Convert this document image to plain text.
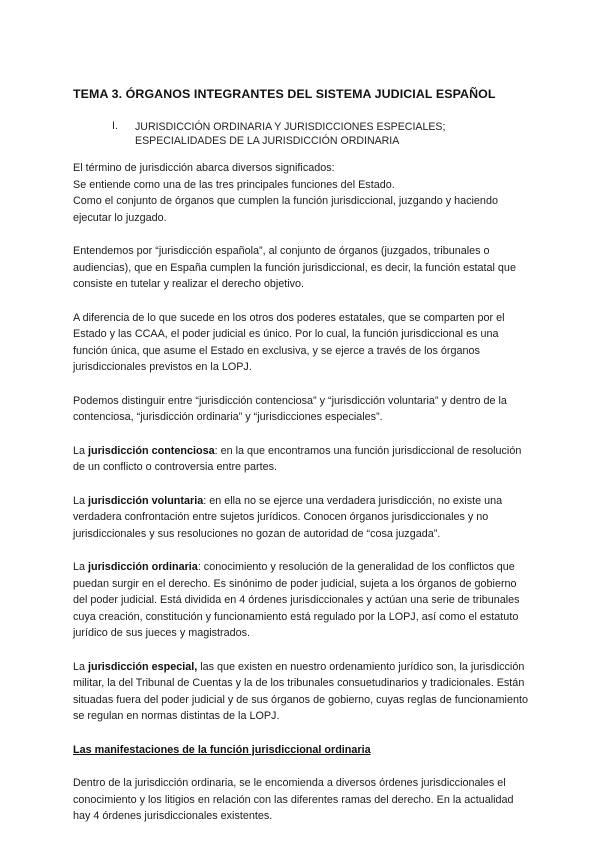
TEMA 3. ÓRGANOS INTEGRANTES DEL SISTEMA JUDICIAL ESPAÑOL
I. JURISDICCIÓN ORDINARIA Y JURISDICCIONES ESPECIALES; ESPECIALIDADES DE LA JURISDICCIÓN ORDINARIA

El término de jurisdicción abarca diversos significados:

Se entiende como una de las tres principales funciones del Estado.

Como el conjunto de órganos que cumplen la función jurisdiccional, juzgando y haciendo ejecutar lo juzgado.

Entendemos por “jurisdicción española”, al conjunto de órganos (juzgados, tribunales o audiencias), que en España cumplen la función jurisdiccional, es decir, la función estatal que consiste en tutelar y realizar el derecho objetivo.

A diferencia de lo que sucede en los otros dos poderes estatales, que se comparten por el Estado y las CCAA, el poder judicial es único. Por lo cual, la función jurisdiccional es una función única, que asume el Estado en exclusiva, y se ejerce a través de los órganos jurisdiccionales previstos en la LOPJ.

Podemos distinguir entre “jurisdicción contenciosa” y “jurisdicción voluntaria” y dentro de la contenciosa, “jurisdicción ordinaria” y “jurisdicciones especiales”.

La jurisdicción contenciosa: en la que encontramos una función jurisdiccional de resolución de un conflicto o controversia entre partes.

La jurisdicción voluntaria: en ella no se ejerce una verdadera jurisdicción, no existe una verdadera confrontación entre sujetos jurídicos. Conocen órganos jurisdiccionales y no jurisdiccionales y sus resoluciones no gozan de autoridad de “cosa juzgada”.

La jurisdicción ordinaria: conocimiento y resolución de la generalidad de los conflictos que puedan surgir en el derecho. Es sinónimo de poder judicial, sujeta a los órganos de gobierno del poder judicial. Está dividida en 4 órdenes jurisdiccionales y actúan una serie de tribunales cuya creación, constitución y funcionamiento está regulado por la LOPJ, así como el estatuto jurídico de sus jueces y magistrados.

La jurisdicción especial, las que existen en nuestro ordenamiento jurídico son, la jurisdicción militar, la del Tribunal de Cuentas y la de los tribunales consuetudinarios y tradicionales. Están situadas fuera del poder judicial y de sus órganos de gobierno, cuyas reglas de funcionamiento se regulan en normas distintas de la LOPJ.

Las manifestaciones de la función jurisdiccional ordinaria

Dentro de la jurisdicción ordinaria, se le encomienda a diversos órdenes jurisdiccionales el conocimiento y los litigios en relación con las diferentes ramas del derecho. En la actualidad hay 4 órdenes jurisdiccionales existentes.
